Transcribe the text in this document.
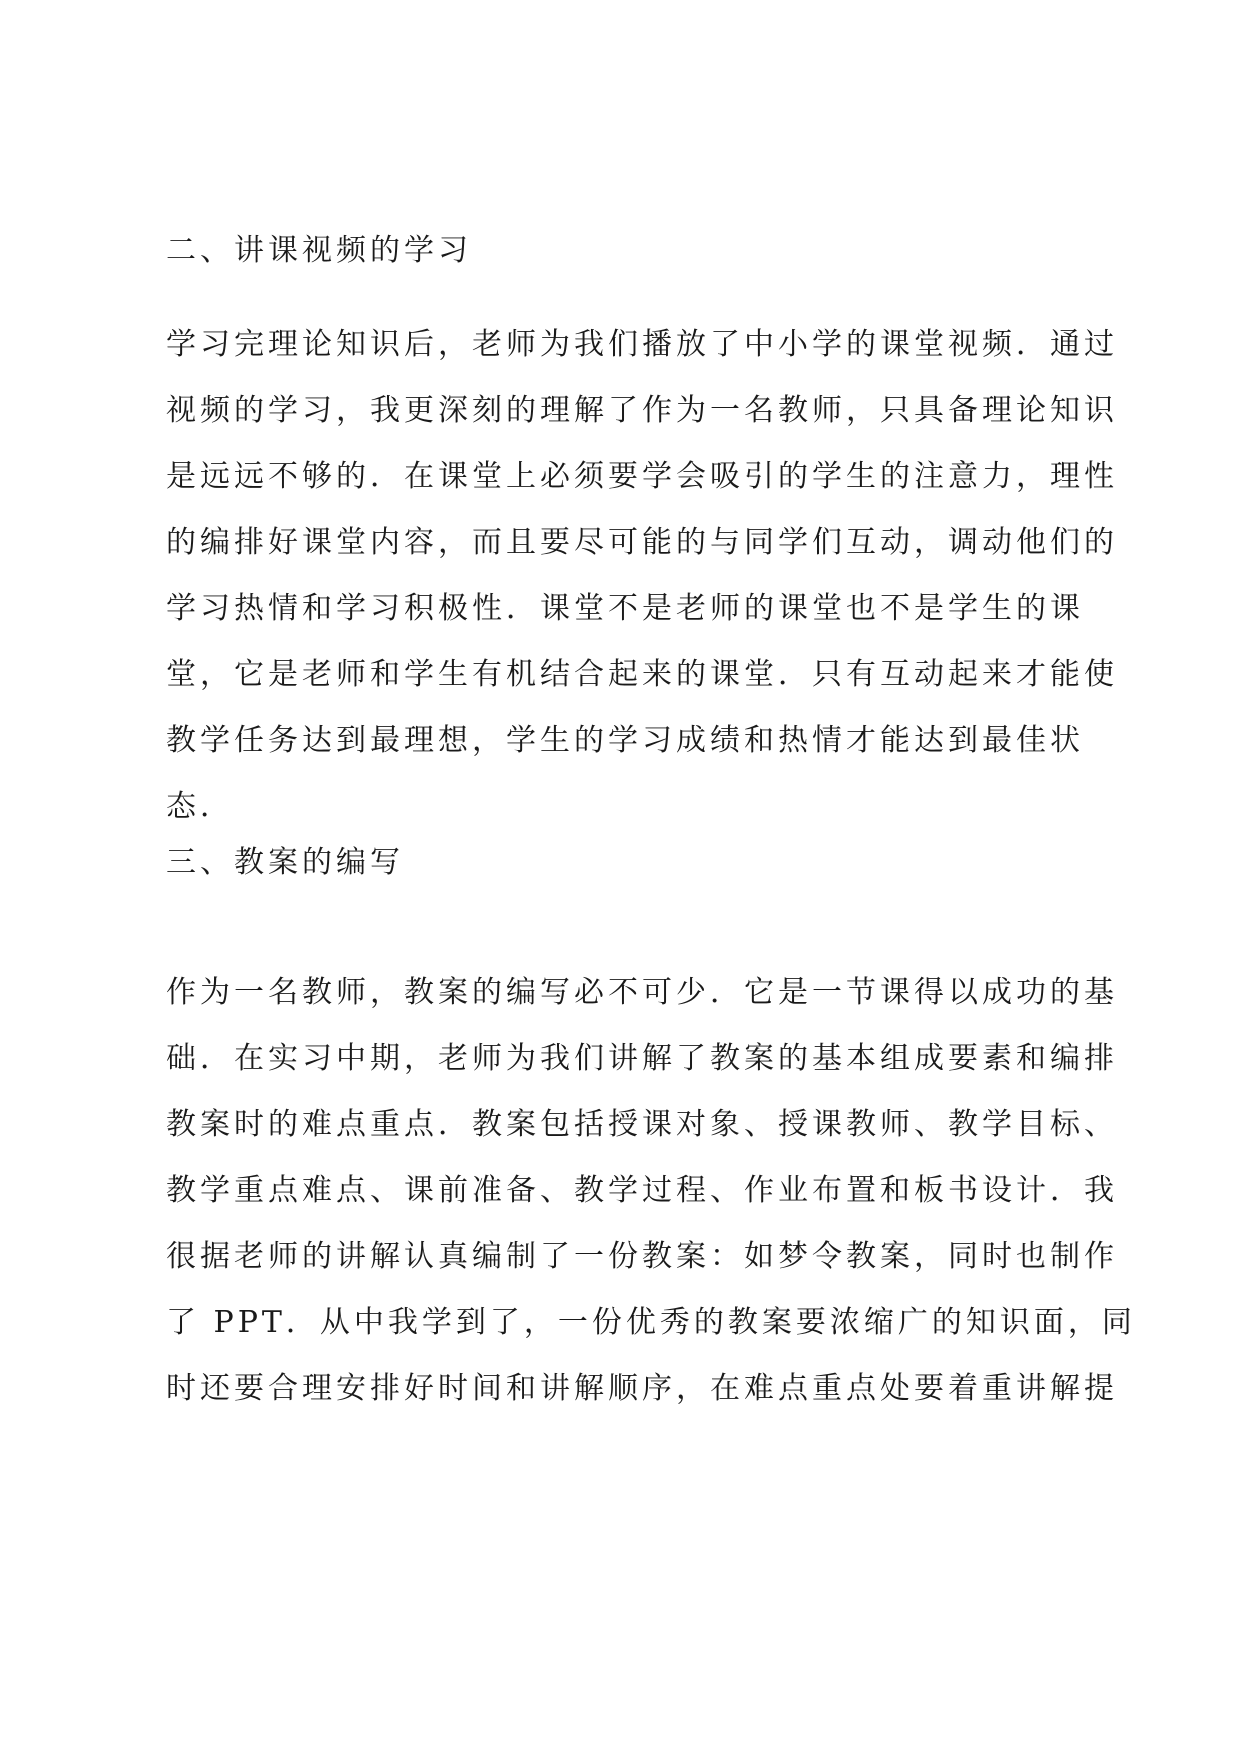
二、讲课视频的学习
学习完理论知识后，老师为我们播放了中小学的课堂视频．通过
视频的学习，我更深刻的理解了作为一名教师，只具备理论知识
是远远不够的．在课堂上必须要学会吸引的学生的注意力，理性
的编排好课堂内容，而且要尽可能的与同学们互动，调动他们的
学习热情和学习积极性．课堂不是老师的课堂也不是学生的课
堂，它是老师和学生有机结合起来的课堂．只有互动起来才能使
教学任务达到最理想，学生的学习成绩和热情才能达到最佳状
态．
三、教案的编写
作为一名教师，教案的编写必不可少．它是一节课得以成功的基
础．在实习中期，老师为我们讲解了教案的基本组成要素和编排
教案时的难点重点．教案包括授课对象、授课教师、教学目标、
教学重点难点、课前准备、教学过程、作业布置和板书设计．我
很据老师的讲解认真编制了一份教案：如梦令教案，同时也制作
了 PPT．从中我学到了，一份优秀的教案要浓缩广的知识面，同
时还要合理安排好时间和讲解顺序，在难点重点处要着重讲解提
